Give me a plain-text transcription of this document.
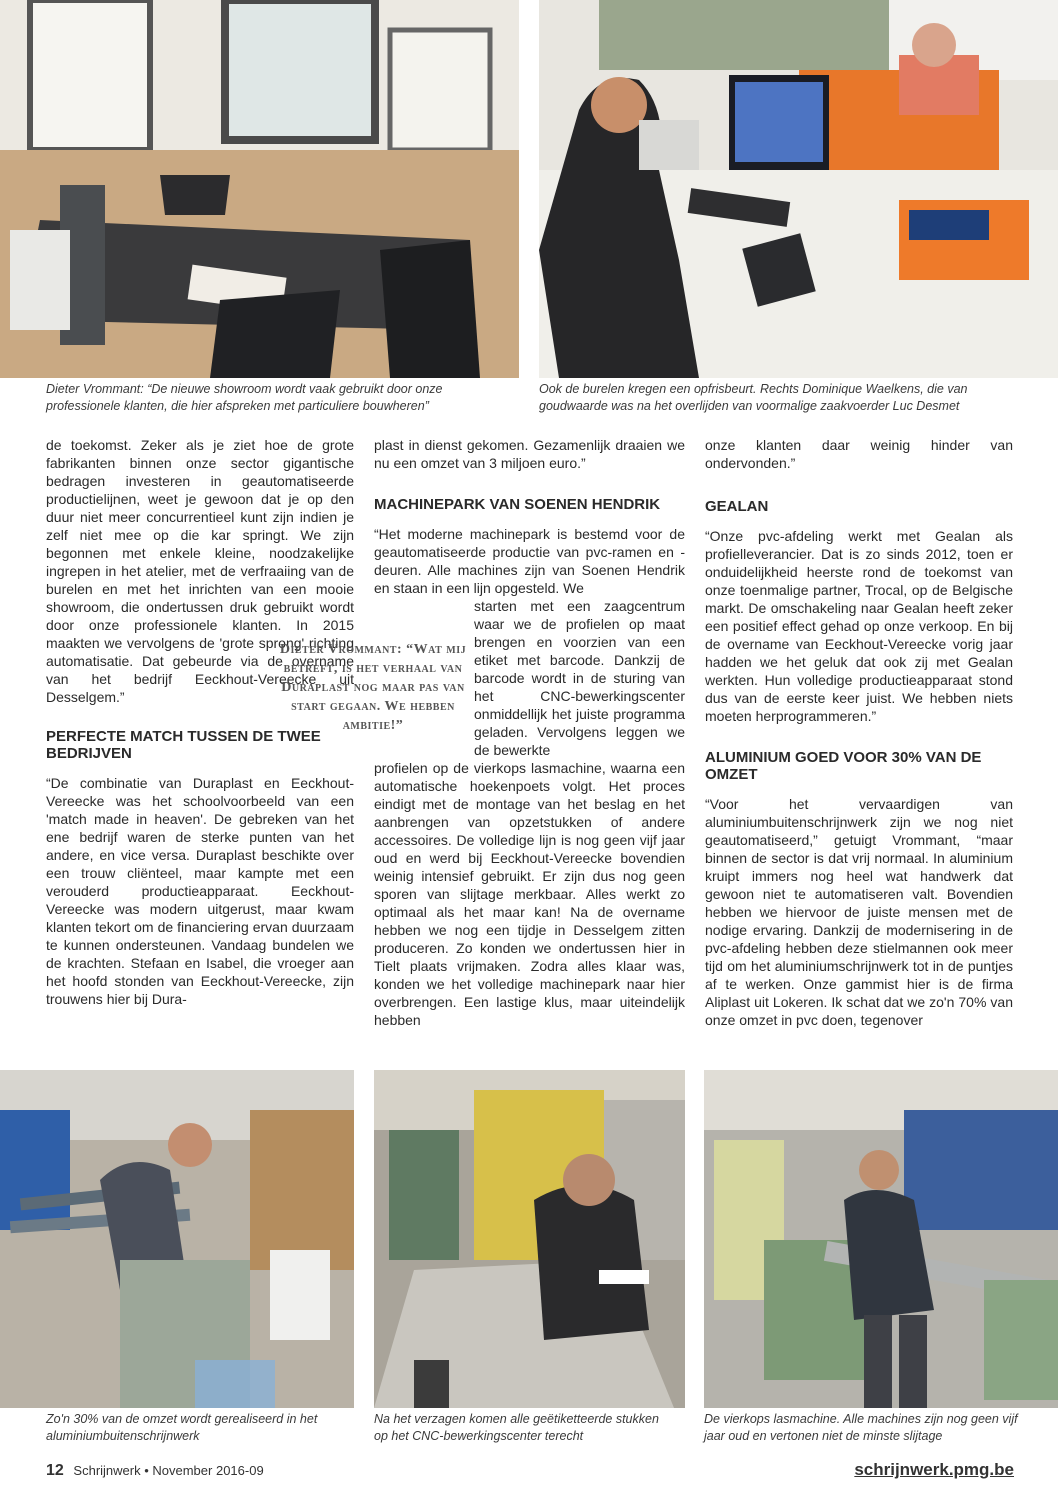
Dieter Vrommant: “De nieuwe showroom wordt vaak gebruikt door onze professionele klanten, die hier afspreken met particuliere bouwheren”
Ook de burelen kregen een opfrisbeurt. Rechts Dominique Waelkens, die van goudwaarde was na het overlijden van voormalige zaakvoerder Luc Desmet

de toekomst. Zeker als je ziet hoe de grote fabrikanten binnen onze sector gigantische bedragen investeren in geautomatiseerde productielijnen, weet je gewoon dat je op den duur niet meer concurrentieel kunt zijn indien je zelf niet mee op die kar springt. We zijn begonnen met enkele kleine, noodzakelijke ingrepen in het atelier, met de verfraaiing van de burelen en met het inrichten van een mooie showroom, die ondertussen druk gebruikt wordt door onze professionele klanten. In 2015 maakten we vervolgens de 'grote sprong' richting automatisatie. Dat gebeurde via de overname van het bedrijf Eeckhout-Vereecke uit Desselgem.”

PERFECTE MATCH TUSSEN DE TWEE BEDRIJVEN

“De combinatie van Duraplast en Eeckhout-Vereecke was het schoolvoorbeeld van een 'match made in heaven'. De gebreken van het ene bedrijf waren de sterke punten van het andere, en vice versa. Duraplast beschikte over een trouw cliënteel, maar kampte met een verouderd productieapparaat. Eeckhout-Vereecke was modern uitgerust, maar kwam klanten tekort om de financiering ervan duurzaam te kunnen ondersteunen. Vandaag bundelen we de krachten. Stefaan en Isabel, die vroeger aan het hoofd stonden van Eeckhout-Vereecke, zijn trouwens hier bij Dura-

plast in dienst gekomen. Gezamenlijk draaien we nu een omzet van 3 miljoen euro.”

MACHINEPARK VAN SOENEN HENDRIK

“Het moderne machinepark is bestemd voor de geautomatiseerde productie van pvc-ramen en -deuren. Alle machines zijn van Soenen Hendrik en staan in een lijn opgesteld. We

starten met een zaagcentrum waar we de profielen op maat brengen en voorzien van een etiket met barcode. Dankzij de barcode wordt in de sturing van het CNC-bewerkingscenter onmiddellijk het juiste programma geladen. Vervolgens leggen we de bewerkte

profielen op de vierkops lasmachine, waarna een automatische hoekenpoets volgt. Het proces eindigt met de montage van het beslag en het aanbrengen van opzetstukken of andere accessoires. De volledige lijn is nog geen vijf jaar oud en werd bij Eeckhout-Vereecke bovendien weinig intensief gebruikt. Er zijn dus nog geen sporen van slijtage merkbaar. Alles werkt zo optimaal als het maar kan! Na de overname hebben we nog een tijdje in Desselgem zitten produceren. Zo konden we ondertussen hier in Tielt plaats vrijmaken. Zodra alles klaar was, konden we het volledige machinepark naar hier overbrengen. Een lastige klus, maar uiteindelijk hebben

Dieter Vrommant: “Wat mij betreft, is het verhaal van Duraplast nog maar pas van start gegaan. We hebben ambitie!”

onze klanten daar weinig hinder van ondervonden.”

GEALAN

“Onze pvc-afdeling werkt met Gealan als profielleverancier. Dat is zo sinds 2012, toen er onduidelijkheid heerste rond de toekomst van onze toenmalige partner, Trocal, op de Belgische markt. De omschakeling naar Gealan heeft zeker een positief effect gehad op onze verkoop. En bij de overname van Eeckhout-Vereecke vorig jaar hadden we het geluk dat ook zij met Gealan werkten. Hun volledige productieapparaat stond dus van de eerste keer juist. We hebben niets moeten herprogrammeren.”

ALUMINIUM GOED VOOR 30% VAN DE OMZET

“Voor het vervaardigen van aluminiumbuitenschrijnwerk zijn we nog niet geautomatiseerd,” getuigt Vrommant, “maar binnen de sector is dat vrij normaal. In aluminium kruipt immers nog heel wat handwerk dat gewoon niet te automatiseren valt. Bovendien hebben we hiervoor de juiste mensen met de nodige ervaring. Dankzij de modernisering in de pvc-afdeling hebben deze stielmannen ook meer tijd om het aluminiumschrijnwerk tot in de puntjes af te werken. Onze gammist hier is de firma Aliplast uit Lokeren. Ik schat dat we zo'n 70% van onze omzet in pvc doen, tegenover

Zo'n 30% van de omzet wordt gerealiseerd in het aluminiumbuitenschrijnwerk
Na het verzagen komen alle geëtiketteerde stukken op het CNC-bewerkingscenter terecht
De vierkops lasmachine. Alle machines zijn nog geen vijf jaar oud en vertonen niet de minste slijtage
12 Schrijnwerk • November 2016-09	schrijnwerk.pmg.be
